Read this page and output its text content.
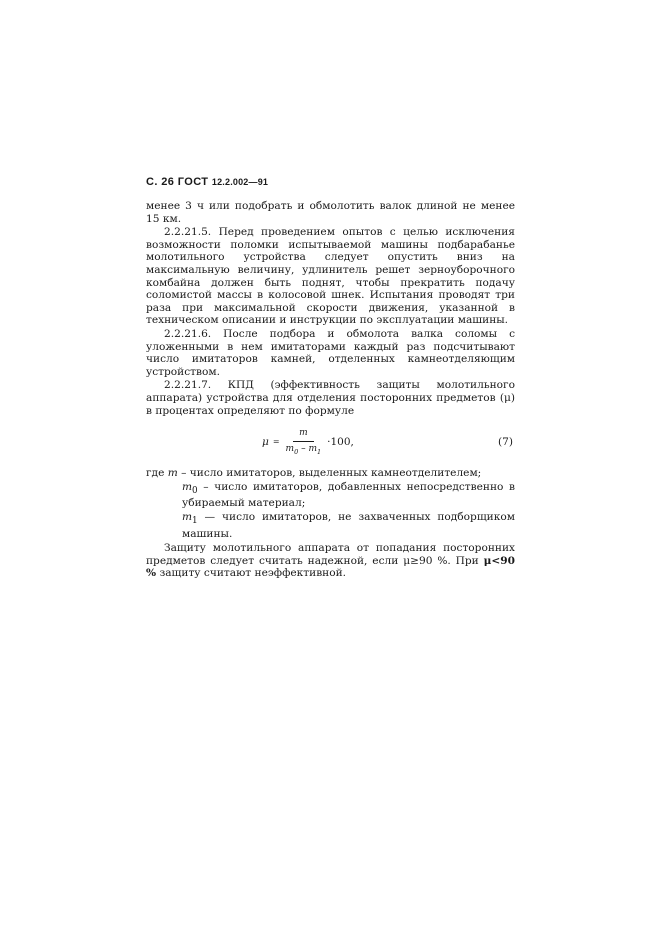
С. 26 ГОСТ 12.2.002—91

менее 3 ч или подобрать и обмолотить валок длиной не менее 15 км.

2.2.21.5. Перед проведением опытов с целью исключения возможности поломки испытываемой машины подбарабанье молотильного устройства следует опустить вниз на максимальную величину, удлинитель решет зерноуборочного комбайна должен быть поднят, чтобы прекратить подачу соломистой массы в колосовой шнек. Испытания проводят три раза при максимальной скорости движения, указанной в техническом описании и инструкции по эксплуатации машины.

2.2.21.6. После подбора и обмолота валка соломы с уложенными в нем имитаторами каждый раз подсчитывают число имитаторов камней, отделенных камнеотделяющим устройством.

2.2.21.7. КПД (эффективность защиты молотильного аппарата) устройства для отделения посторонних предметов (μ) в процентах определяют по формуле

$\mu = \frac{m}{m_0 - m_1} \cdot 100$,	(7)

где m – число имитаторов, выделенных камнеотделителем;

$m_0$ – число имитаторов, добавленных непосредственно в убираемый материал;

$m_1$ — число имитаторов, не захваченных подборщиком машины.

Защиту молотильного аппарата от попадания посторонних предметов следует считать надежной, если μ≥90 %. При μ<90 % защиту считают неэффективной.
